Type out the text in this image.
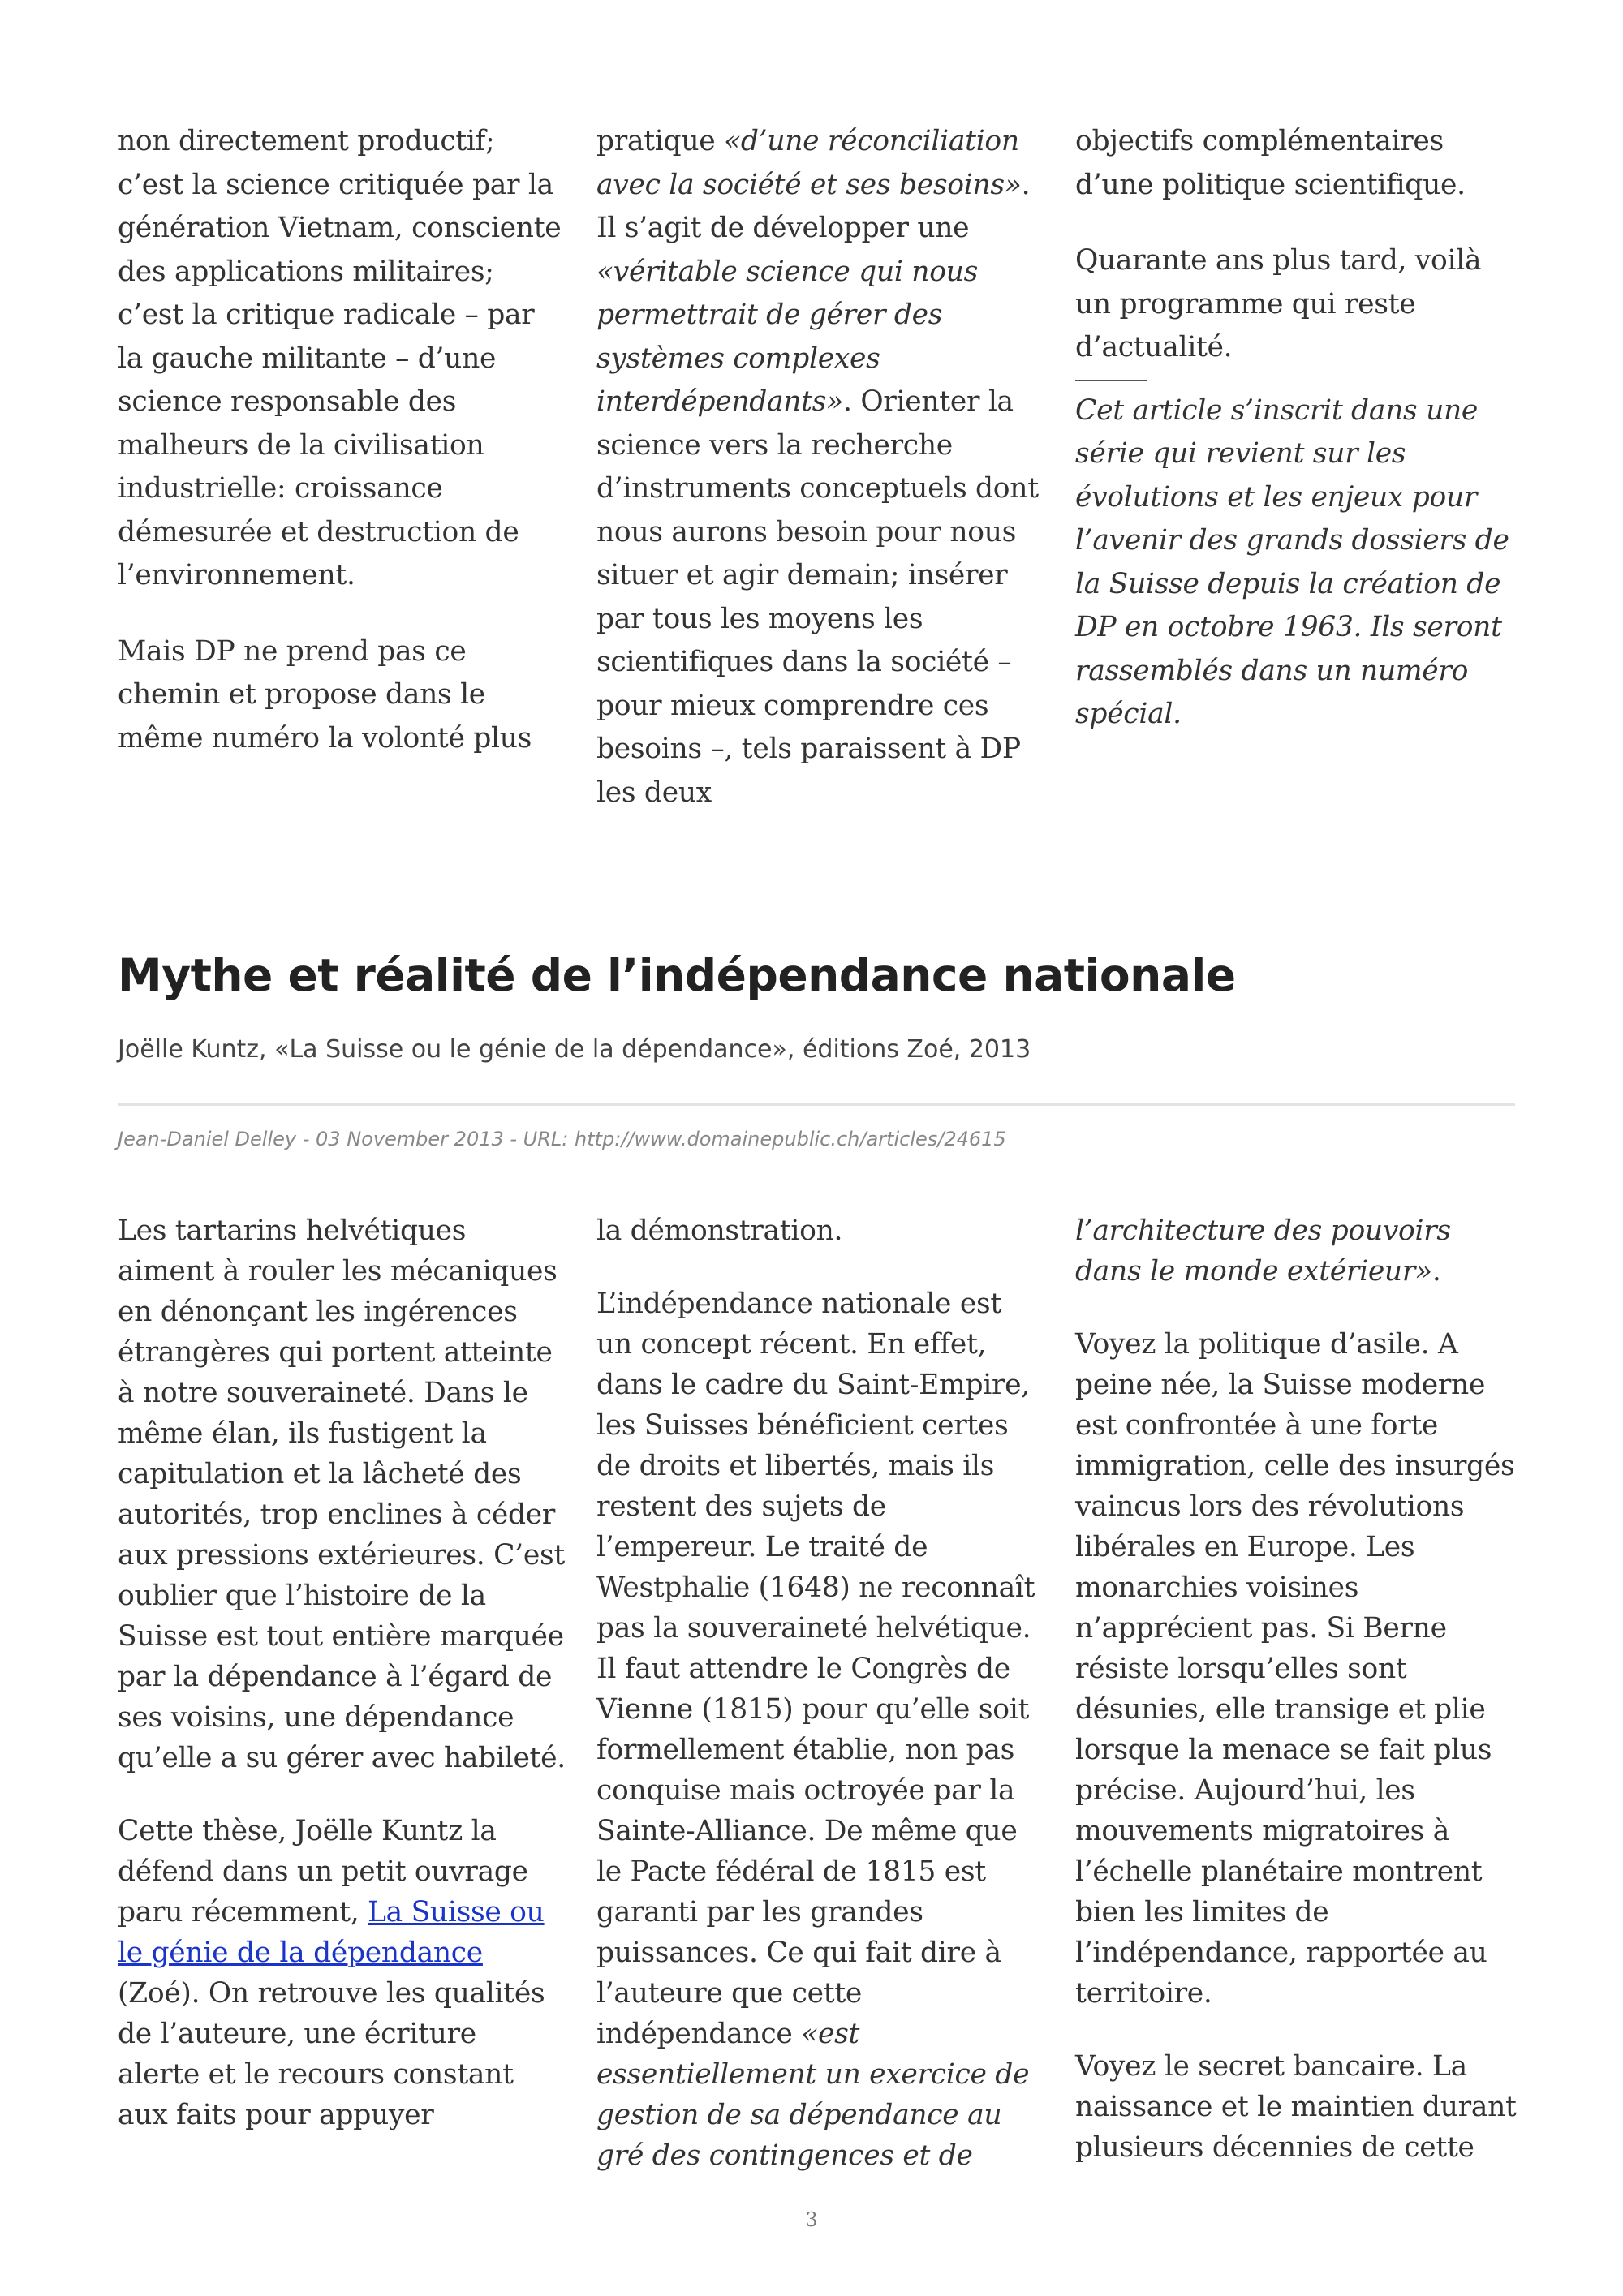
non directement productif; c’est la science critiquée par la génération Vietnam, consciente des applications militaires; c’est la critique radicale – par la gauche militante – d’une science responsable des malheurs de la civilisation industrielle: croissance démesurée et destruction de l’environnement.

Mais DP ne prend pas ce chemin et propose dans le même numéro la volonté plus

pratique «d’une réconciliation avec la société et ses besoins». Il s’agit de développer une «véritable science qui nous permettrait de gérer des systèmes complexes interdépendants». Orienter la science vers la recherche d’instruments conceptuels dont nous aurons besoin pour nous situer et agir demain; insérer par tous les moyens les scientifiques dans la société – pour mieux comprendre ces besoins –, tels paraissent à DP les deux

objectifs complémentaires d’une politique scientifique.

Quarante ans plus tard, voilà un programme qui reste d’actualité.

Cet article s’inscrit dans une série qui revient sur les évolutions et les enjeux pour l’avenir des grands dossiers de la Suisse depuis la création de DP en octobre 1963. Ils seront rassemblés dans un numéro spécial.

Mythe et réalité de l’indépendance nationale

Joëlle Kuntz, «La Suisse ou le génie de la dépendance», éditions Zoé, 2013

Jean-Daniel Delley - 03 November 2013 - URL: http://www.domainepublic.ch/articles/24615

Les tartarins helvétiques aiment à rouler les mécaniques en dénonçant les ingérences étrangères qui portent atteinte à notre souveraineté. Dans le même élan, ils fustigent la capitulation et la lâcheté des autorités, trop enclines à céder aux pressions extérieures. C’est oublier que l’histoire de la Suisse est tout entière marquée par la dépendance à l’égard de ses voisins, une dépendance qu’elle a su gérer avec habileté.

Cette thèse, Joëlle Kuntz la défend dans un petit ouvrage paru récemment, La Suisse ou le génie de la dépendance (Zoé). On retrouve les qualités de l’auteure, une écriture alerte et le recours constant aux faits pour appuyer

la démonstration.

L’indépendance nationale est un concept récent. En effet, dans le cadre du Saint-Empire, les Suisses bénéficient certes de droits et libertés, mais ils restent des sujets de l’empereur. Le traité de Westphalie (1648) ne reconnaît pas la souveraineté helvétique. Il faut attendre le Congrès de Vienne (1815) pour qu’elle soit formellement établie, non pas conquise mais octroyée par la Sainte-Alliance. De même que le Pacte fédéral de 1815 est garanti par les grandes puissances. Ce qui fait dire à l’auteure que cette indépendance «est essentiellement un exercice de gestion de sa dépendance au gré des contingences et de

l’architecture des pouvoirs dans le monde extérieur».

Voyez la politique d’asile. A peine née, la Suisse moderne est confrontée à une forte immigration, celle des insurgés vaincus lors des révolutions libérales en Europe. Les monarchies voisines n’apprécient pas. Si Berne résiste lorsqu’elles sont désunies, elle transige et plie lorsque la menace se fait plus précise. Aujourd’hui, les mouvements migratoires à l’échelle planétaire montrent bien les limites de l’indépendance, rapportée au territoire.

Voyez le secret bancaire. La naissance et le maintien durant plusieurs décennies de cette

3
